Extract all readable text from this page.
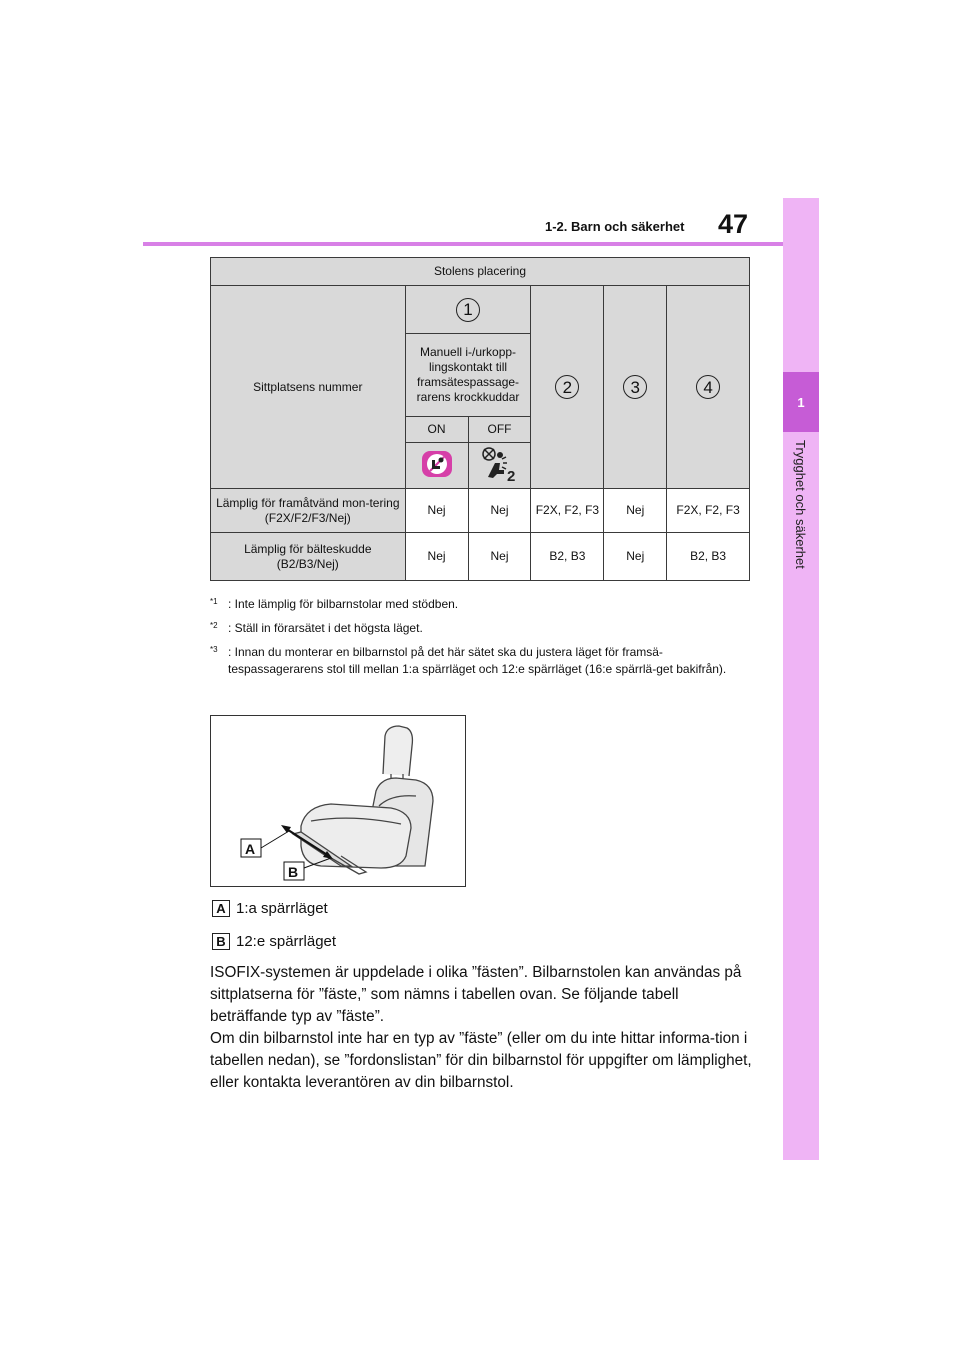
1-2. Barn och säkerhet 47
1
Trygghet och säkerhet
Stolens placering					
Sittplatsens nummer	1		2	3	4
	Manuell i-/urkopp-lingskontakt till framsätespassage-rarens krockkuddar				
	ON	OFF			

2			

Lämplig för framåtvänd mon-tering (F2X/F2/F3/Nej)	Nej	Nej	F2X, F2, F3	Nej	F2X, F2, F3
Lämplig för bälteskudde (B2/B3/Nej)	Nej	Nej	B2, B3	Nej	B2, B3
*1 : Inte lämplig för bilbarnstolar med stödben.
*2 : Ställ in förarsätet i det högsta läget.
*3 : Innan du monterar en bilbarnstol på det här sätet ska du justera läget för framsä-tespassagerarens stol till mellan 1:a spärrläget och 12:e spärrläget (16:e spärrlä-get bakifrån).
A
B
A 1:a spärrläget
B 12:e spärrläget

ISOFIX-systemen är uppdelade i olika ”fästen”. Bilbarnstolen kan användas på sittplatserna för ”fäste,” som nämns i tabellen ovan. Se följande tabell beträffande typ av ”fäste”.

Om din bilbarnstol inte har en typ av ”fäste” (eller om du inte hittar informa-tion i tabellen nedan), se ”fordonslistan” för din bilbarnstol för uppgifter om lämplighet, eller kontakta leverantören av din bilbarnstol.
